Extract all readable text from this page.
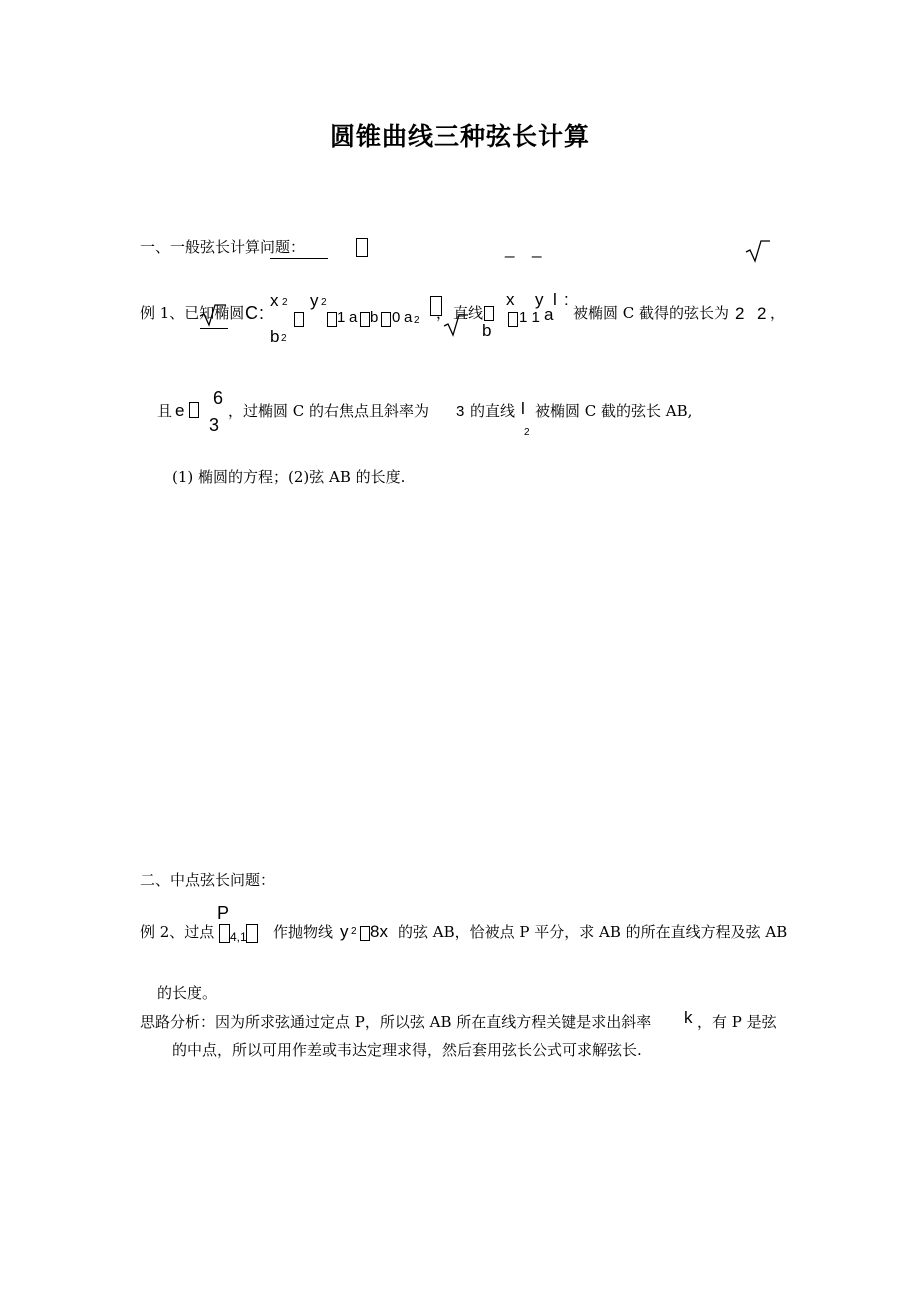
圆锥曲线三种弦长计算
一、一般弦长计算问题：	_ _
例 1、已知椭圆 C :
x 2
b 2
y 2
1 a b 0 a 2 ， 直线
x
b
1 1
y l :
a 被椭圆 C 截得的弦长为 2 2 ，
且 e
6
3
，过椭圆 C 的右焦点且斜率为 3 的直线 l
2
被椭圆 C 截的弦长 AB,
(1) 椭圆的方程；(2)弦 AB 的长度.
二、中点弦长问题：
例 2、过点
P
4,1 作抛物线 y 2 8x 的弦 AB，恰被点 P 平分，求 AB 的所在直线方程及弦 AB
的长度。
思路分析：因为所求弦通过定点 P，所以弦 AB 所在直线方程关键是求出斜率 k ，有 P 是弦
的中点，所以可用作差或韦达定理求得，然后套用弦长公式可求解弦长.
